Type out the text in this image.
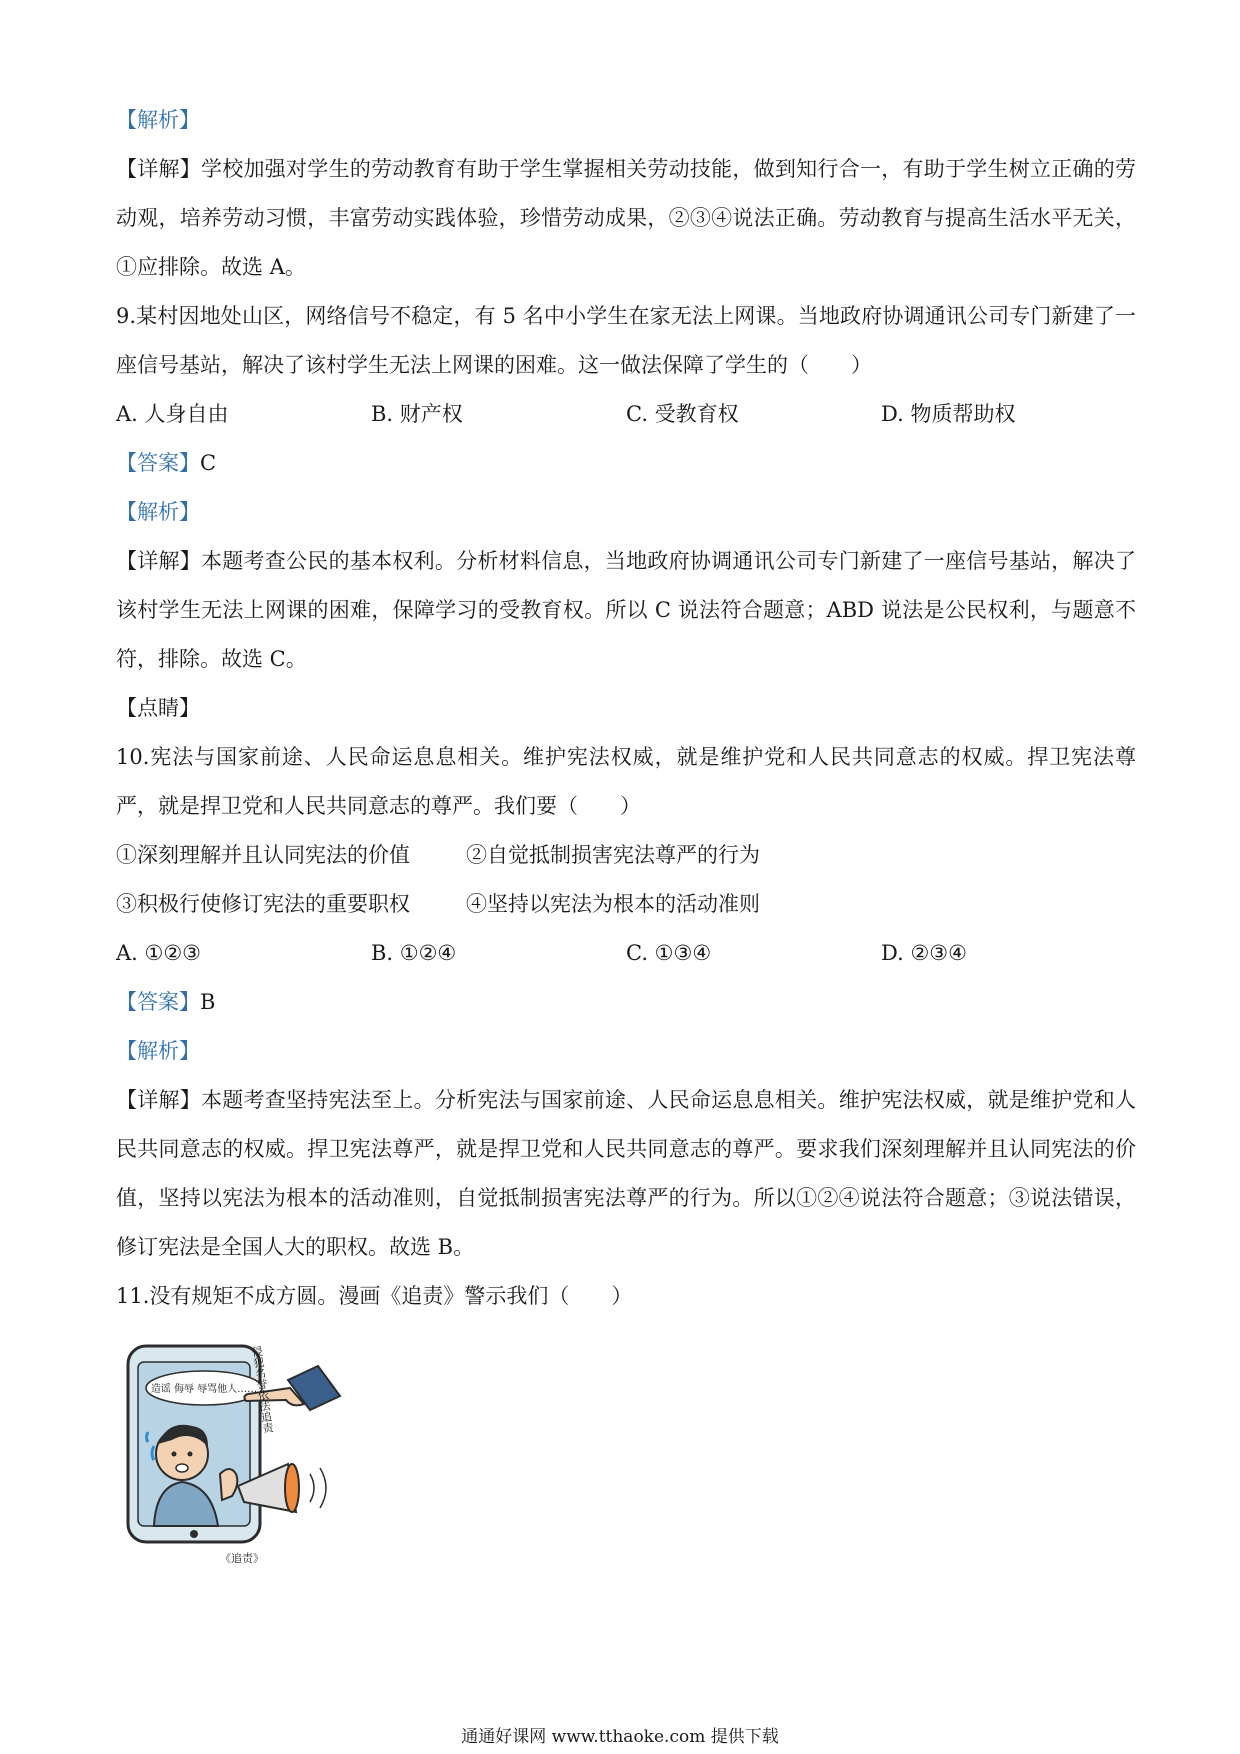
【解析】
【详解】学校加强对学生的劳动教育有助于学生掌握相关劳动技能，做到知行合一，有助于学生树立正确的劳动观，培养劳动习惯，丰富劳动实践体验，珍惜劳动成果，②③④说法正确。劳动教育与提高生活水平无关，①应排除。故选 A。
9.某村因地处山区，网络信号不稳定，有 5 名中小学生在家无法上网课。当地政府协调通讯公司专门新建了一座信号基站，解决了该村学生无法上网课的困难。这一做法保障了学生的（　　）
A. 人身自由	B. 财产权	C. 受教育权	D. 物质帮助权
【答案】C
【解析】
【详解】本题考查公民的基本权利。分析材料信息，当地政府协调通讯公司专门新建了一座信号基站，解决了该村学生无法上网课的困难，保障学习的受教育权。所以 C 说法符合题意；ABD 说法是公民权利，与题意不符，排除。故选 C。
【点睛】
10.宪法与国家前途、人民命运息息相关。维护宪法权威，就是维护党和人民共同意志的权威。捍卫宪法尊严，就是捍卫党和人民共同意志的尊严。我们要（　　）
①深刻理解并且认同宪法的价值	②自觉抵制损害宪法尊严的行为
③积极行使修订宪法的重要职权	④坚持以宪法为根本的活动准则
A. ①②③	B. ①②④	C. ①③④	D. ②③④
【答案】B
【解析】
【详解】本题考查坚持宪法至上。分析宪法与国家前途、人民命运息息相关。维护宪法权威，就是维护党和人民共同意志的权威。捍卫宪法尊严，就是捍卫党和人民共同意志的尊严。要求我们深刻理解并且认同宪法的价值，坚持以宪法为根本的活动准则，自觉抵制损害宪法尊严的行为。所以①②④说法符合题意；③说法错误，修订宪法是全国人大的职权。故选 B。
11.没有规矩不成方圆。漫画《追责》警示我们（　　）
造谣 侮辱 辱骂他人……
侵犯名誉依法追责
《追责》
通通好课网 www.tthaoke.com 提供下载
